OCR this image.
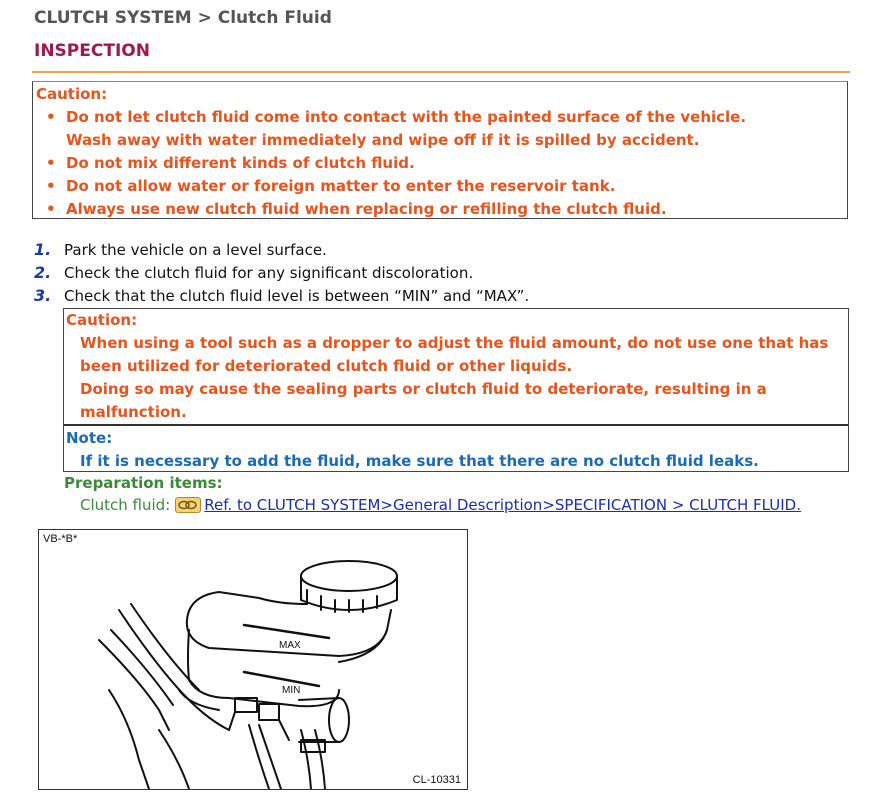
CLUTCH SYSTEM > Clutch Fluid
INSPECTION
Caution:
• Do not let clutch fluid come into contact with the painted surface of the vehicle.
Wash away with water immediately and wipe off if it is spilled by accident.
• Do not mix different kinds of clutch fluid.
• Do not allow water or foreign matter to enter the reservoir tank.
• Always use new clutch fluid when replacing or refilling the clutch fluid.
1. Park the vehicle on a level surface.
2. Check the clutch fluid for any significant discoloration.
3. Check that the clutch fluid level is between “MIN” and “MAX”.
Caution:
When using a tool such as a dropper to adjust the fluid amount, do not use one that has
been utilized for deteriorated clutch fluid or other liquids.
Doing so may cause the sealing parts or clutch fluid to deteriorate, resulting in a
malfunction.
Note:
If it is necessary to add the fluid, make sure that there are no clutch fluid leaks.
Preparation items:
Clutch fluid: Ref. to CLUTCH SYSTEM>General Description>SPECIFICATION > CLUTCH FLUID.
MAX
MIN
VB-*B*
CL-10331
